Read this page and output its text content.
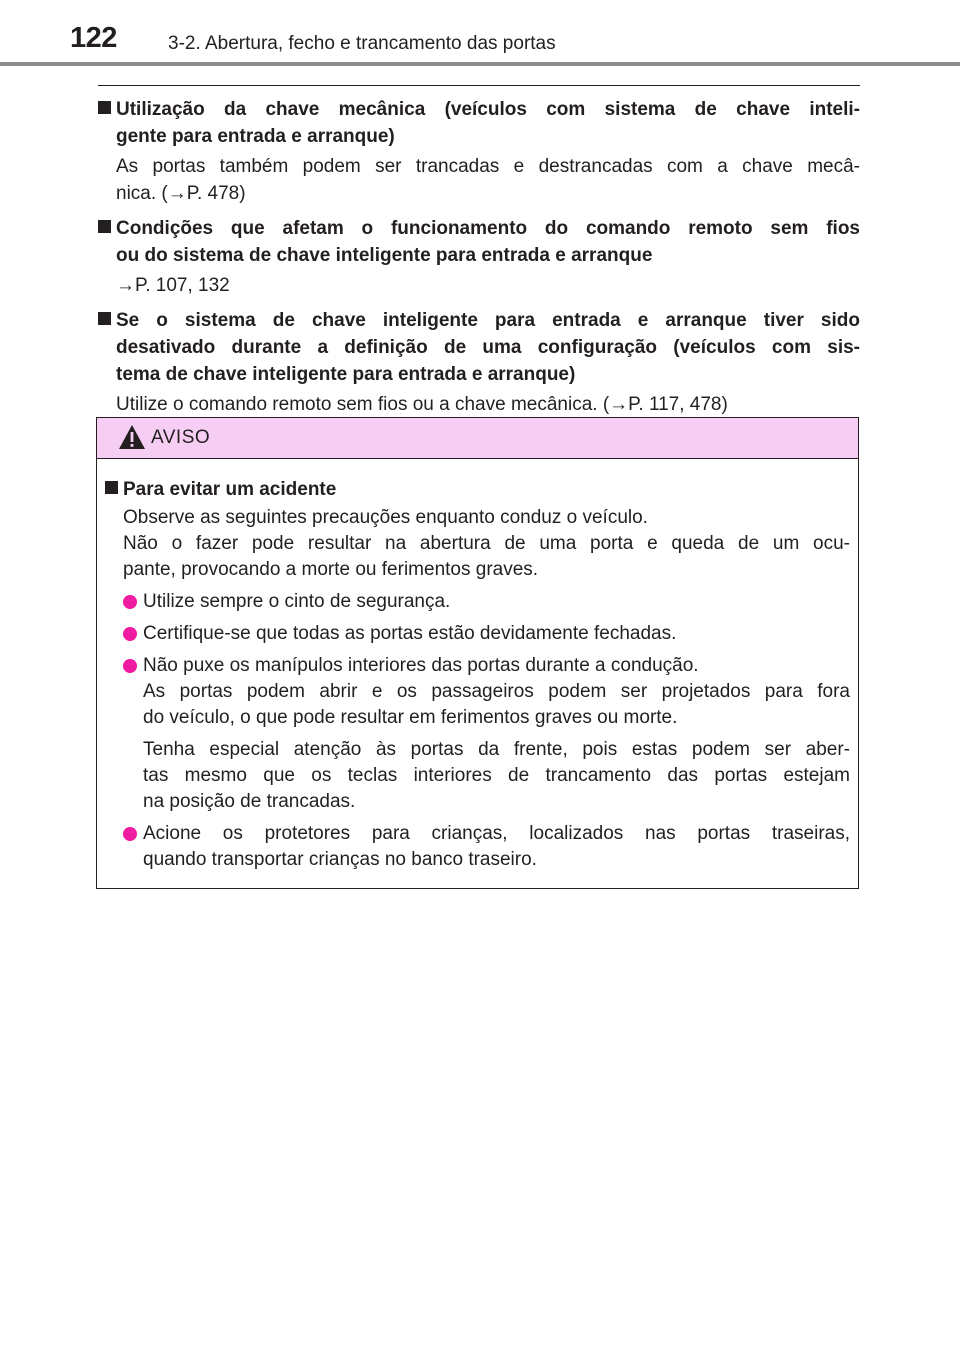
122	3-2. Abertura, fecho e trancamento das portas
Utilização da chave mecânica (veículos com sistema de chave inteli-
gente para entrada e arranque)
As portas também podem ser trancadas e destrancadas com a chave mecâ-
nica. (→P. 478)
Condições que afetam o funcionamento do comando remoto sem fios
ou do sistema de chave inteligente para entrada e arranque
→P. 107, 132
Se o sistema de chave inteligente para entrada e arranque tiver sido
desativado durante a definição de uma configuração (veículos com sis-
tema de chave inteligente para entrada e arranque)
Utilize o comando remoto sem fios ou a chave mecânica. (→P. 117, 478)
AVISO
Para evitar um acidente
Observe as seguintes precauções enquanto conduz o veículo.
Não o fazer pode resultar na abertura de uma porta e queda de um ocu-
pante, provocando a morte ou ferimentos graves.
Utilize sempre o cinto de segurança.
Certifique-se que todas as portas estão devidamente fechadas.
Não puxe os manípulos interiores das portas durante a condução.
As portas podem abrir e os passageiros podem ser projetados para fora
do veículo, o que pode resultar em ferimentos graves ou morte.
Tenha especial atenção às portas da frente, pois estas podem ser aber-
tas mesmo que os teclas interiores de trancamento das portas estejam
na posição de trancadas.
Acione os protetores para crianças, localizados nas portas traseiras,
quando transportar crianças no banco traseiro.
